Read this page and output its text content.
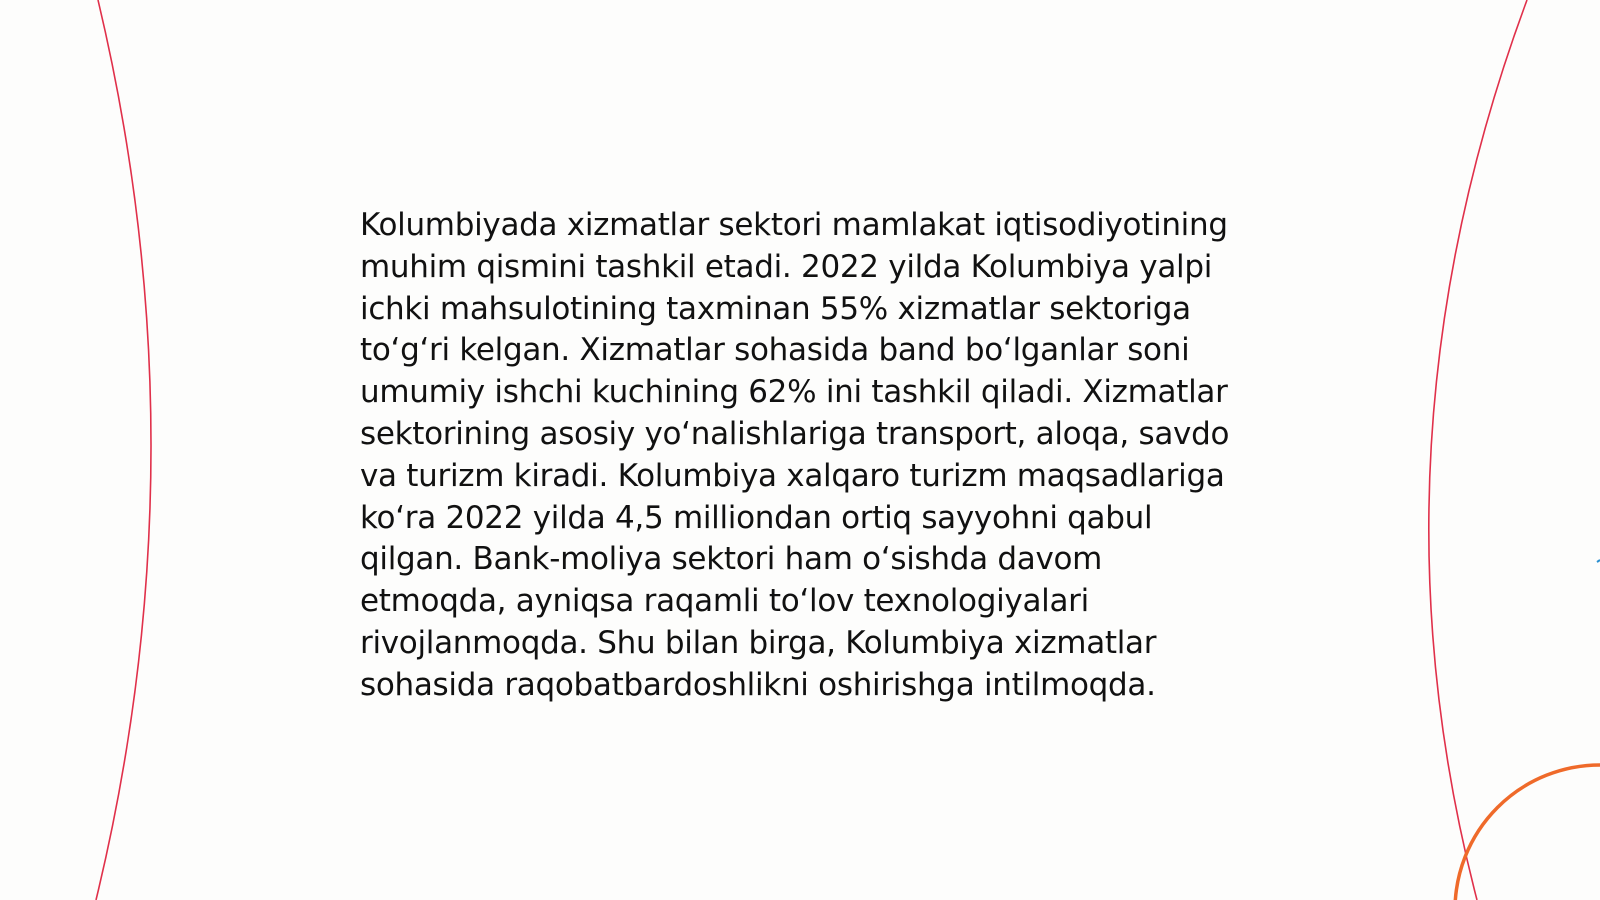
Kolumbiyada xizmatlar sektori mamlakat iqtisodiyotining muhim qismini tashkil etadi. 2022 yilda Kolumbiya yalpi ichki mahsulotining taxminan 55% xizmatlar sektoriga to‘g‘ri kelgan. Xizmatlar sohasida band bo‘lganlar soni umumiy ishchi kuchining 62% ini tashkil qiladi. Xizmatlar sektorining asosiy yo‘nalishlariga transport, aloqa, savdo va turizm kiradi. Kolumbiya xalqaro turizm maqsadlariga ko‘ra 2022 yilda 4,5 milliondan ortiq sayyohni qabul qilgan. Bank-moliya sektori ham o‘sishda davom etmoqda, ayniqsa raqamli to‘lov texnologiyalari rivojlanmoqda. Shu bilan birga, Kolumbiya xizmatlar sohasida raqobatbardoshlikni oshirishga intilmoqda.
